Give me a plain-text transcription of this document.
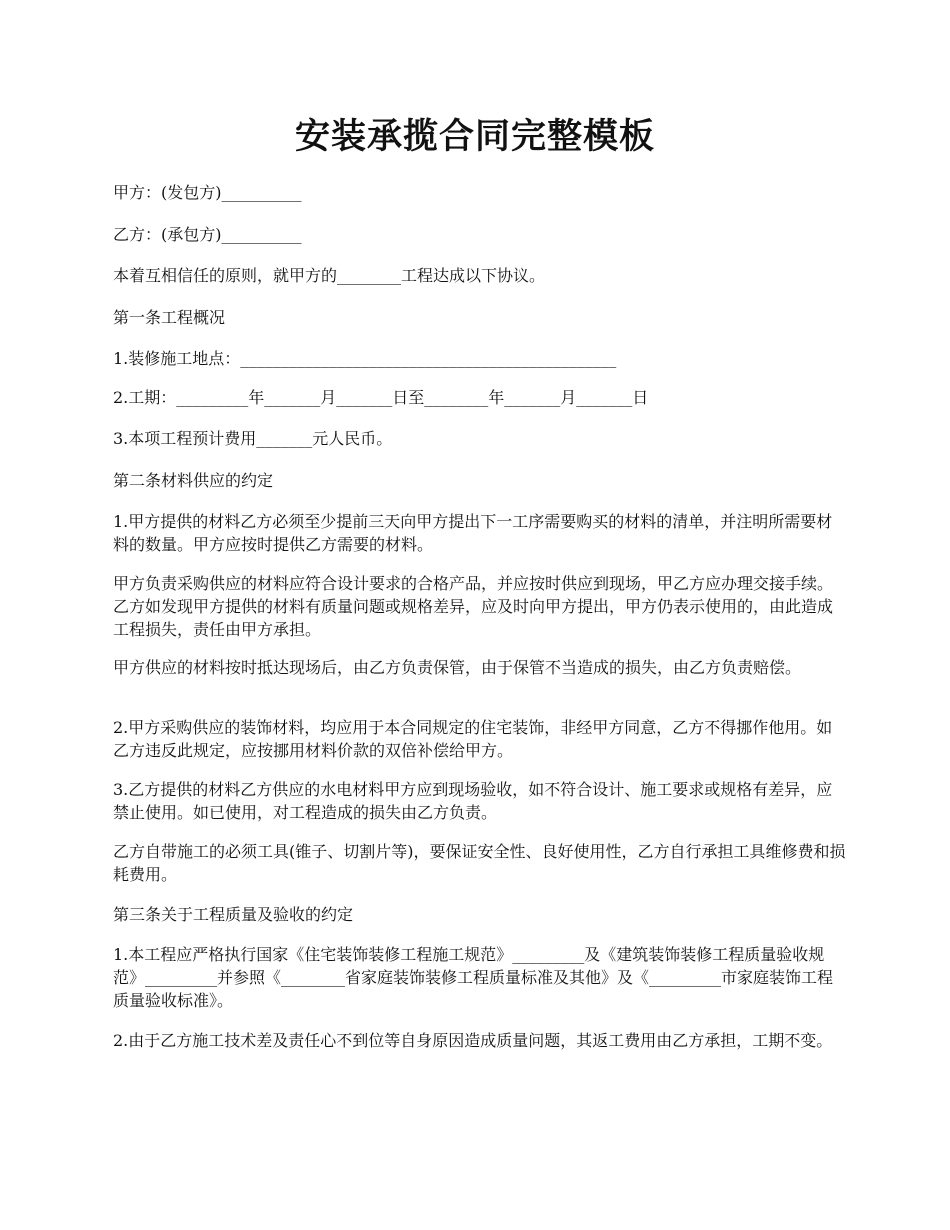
安装承揽合同完整模板

甲方：(发包方)__________

乙方：(承包方)__________

本着互相信任的原则，就甲方的________工程达成以下协议。

第一条工程概况

1.装修施工地点：_______________________________________________

2.工期：_________年_______月_______日至________年_______月_______日

3.本项工程预计费用_______元人民币。

第二条材料供应的约定

1.甲方提供的材料乙方必须至少提前三天向甲方提出下一工序需要购买的材料的清单，并注明所需要材料的数量。甲方应按时提供乙方需要的材料。

甲方负责采购供应的材料应符合设计要求的合格产品，并应按时供应到现场，甲乙方应办理交接手续。乙方如发现甲方提供的材料有质量问题或规格差异，应及时向甲方提出，甲方仍表示使用的，由此造成工程损失，责任由甲方承担。

甲方供应的材料按时抵达现场后，由乙方负责保管，由于保管不当造成的损失，由乙方负责赔偿。

2.甲方采购供应的装饰材料，均应用于本合同规定的住宅装饰，非经甲方同意，乙方不得挪作他用。如乙方违反此规定，应按挪用材料价款的双倍补偿给甲方。

3.乙方提供的材料乙方供应的水电材料甲方应到现场验收，如不符合设计、施工要求或规格有差异，应禁止使用。如已使用，对工程造成的损失由乙方负责。

乙方自带施工的必须工具(锥子、切割片等)，要保证安全性、良好使用性，乙方自行承担工具维修费和损耗费用。

第三条关于工程质量及验收的约定

1.本工程应严格执行国家《住宅装饰装修工程施工规范》_________及《建筑装饰装修工程质量验收规范》_________并参照《________省家庭装饰装修工程质量标准及其他》及《_________市家庭装饰工程质量验收标准》。

2.由于乙方施工技术差及责任心不到位等自身原因造成质量问题，其返工费用由乙方承担，工期不变。
